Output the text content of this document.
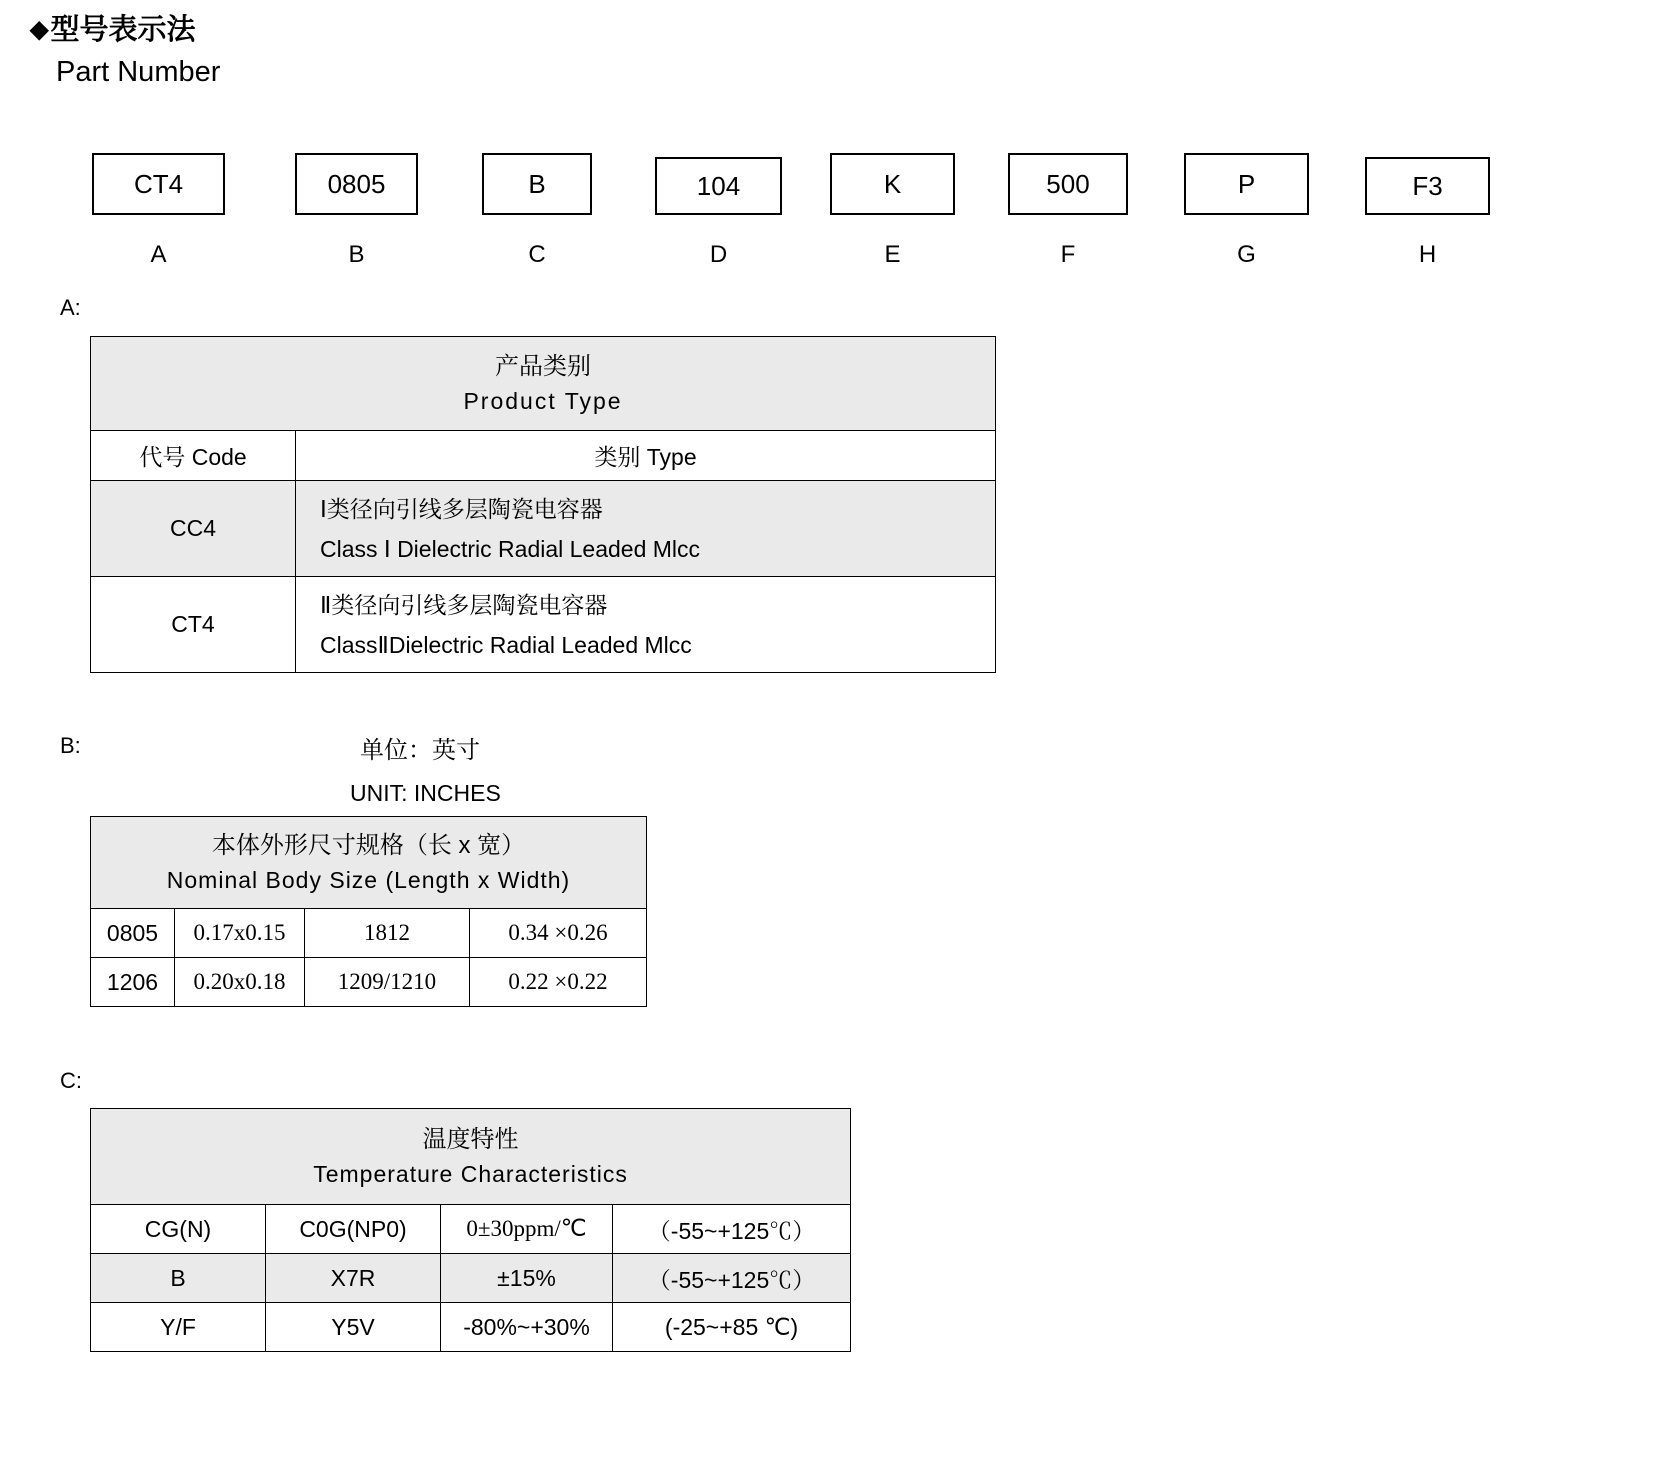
◆型号表示法
Part Number
CT4	0805	B	104	K	500	P	F3
A	B	C	D	E	F	G	H
A:
产品类别
Product Type	

代号 Code	类别 Type
CC4	Ⅰ类径向引线多层陶瓷电容器
Class Ⅰ Dielectric Radial Leaded Mlcc

CT4	Ⅱ类径向引线多层陶瓷电容器
ClassⅡDielectric Radial Leaded Mlcc
B:	单位：英寸
UNIT: INCHES
本体外形尺寸规格（长 x 宽）
Nominal Body Size (Length x Width)			

0805	0.17x0.15	1812	0.34 ×0.26
1206	0.20x0.18	1209/1210	0.22 ×0.22
C:
温度特性
Temperature Characteristics			

CG(N)	C0G(NP0)	0±30ppm/℃	（-55~+125℃）
B	X7R	±15%	（-55~+125℃）
Y/F	Y5V	-80%~+30%	(-25~+85 ℃)
